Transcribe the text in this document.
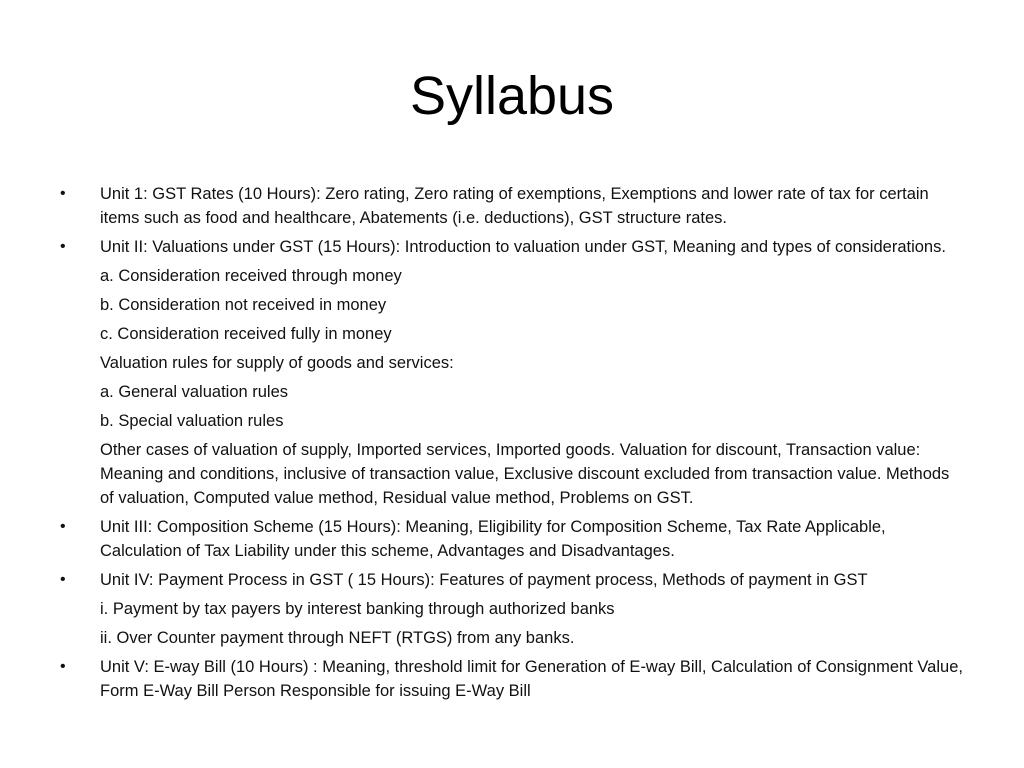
Syllabus
• Unit 1: GST Rates (10 Hours): Zero rating, Zero rating of exemptions, Exemptions and lower rate of tax for certain items such as food and healthcare, Abatements (i.e. deductions), GST structure rates.
• Unit II: Valuations under GST (15 Hours): Introduction to valuation under GST, Meaning and types of considerations.
a. Consideration received through money
b. Consideration not received in money
c. Consideration received fully in money
Valuation rules for supply of goods and services:
a. General valuation rules
b. Special valuation rules
Other cases of valuation of supply, Imported services, Imported goods. Valuation for discount, Transaction value: Meaning and conditions, inclusive of transaction value, Exclusive discount excluded from transaction value. Methods of valuation, Computed value method, Residual value method, Problems on GST.
• Unit III: Composition Scheme (15 Hours): Meaning, Eligibility for Composition Scheme, Tax Rate Applicable, Calculation of Tax Liability under this scheme, Advantages and Disadvantages.
• Unit IV: Payment Process in GST ( 15 Hours): Features of payment process, Methods of payment in GST
i. Payment by tax payers by interest banking through authorized banks
ii. Over Counter payment through NEFT (RTGS) from any banks.
• Unit V: E-way Bill (10 Hours) : Meaning, threshold limit for Generation of E-way Bill, Calculation of Consignment Value, Form E-Way Bill Person Responsible for issuing E-Way Bill
